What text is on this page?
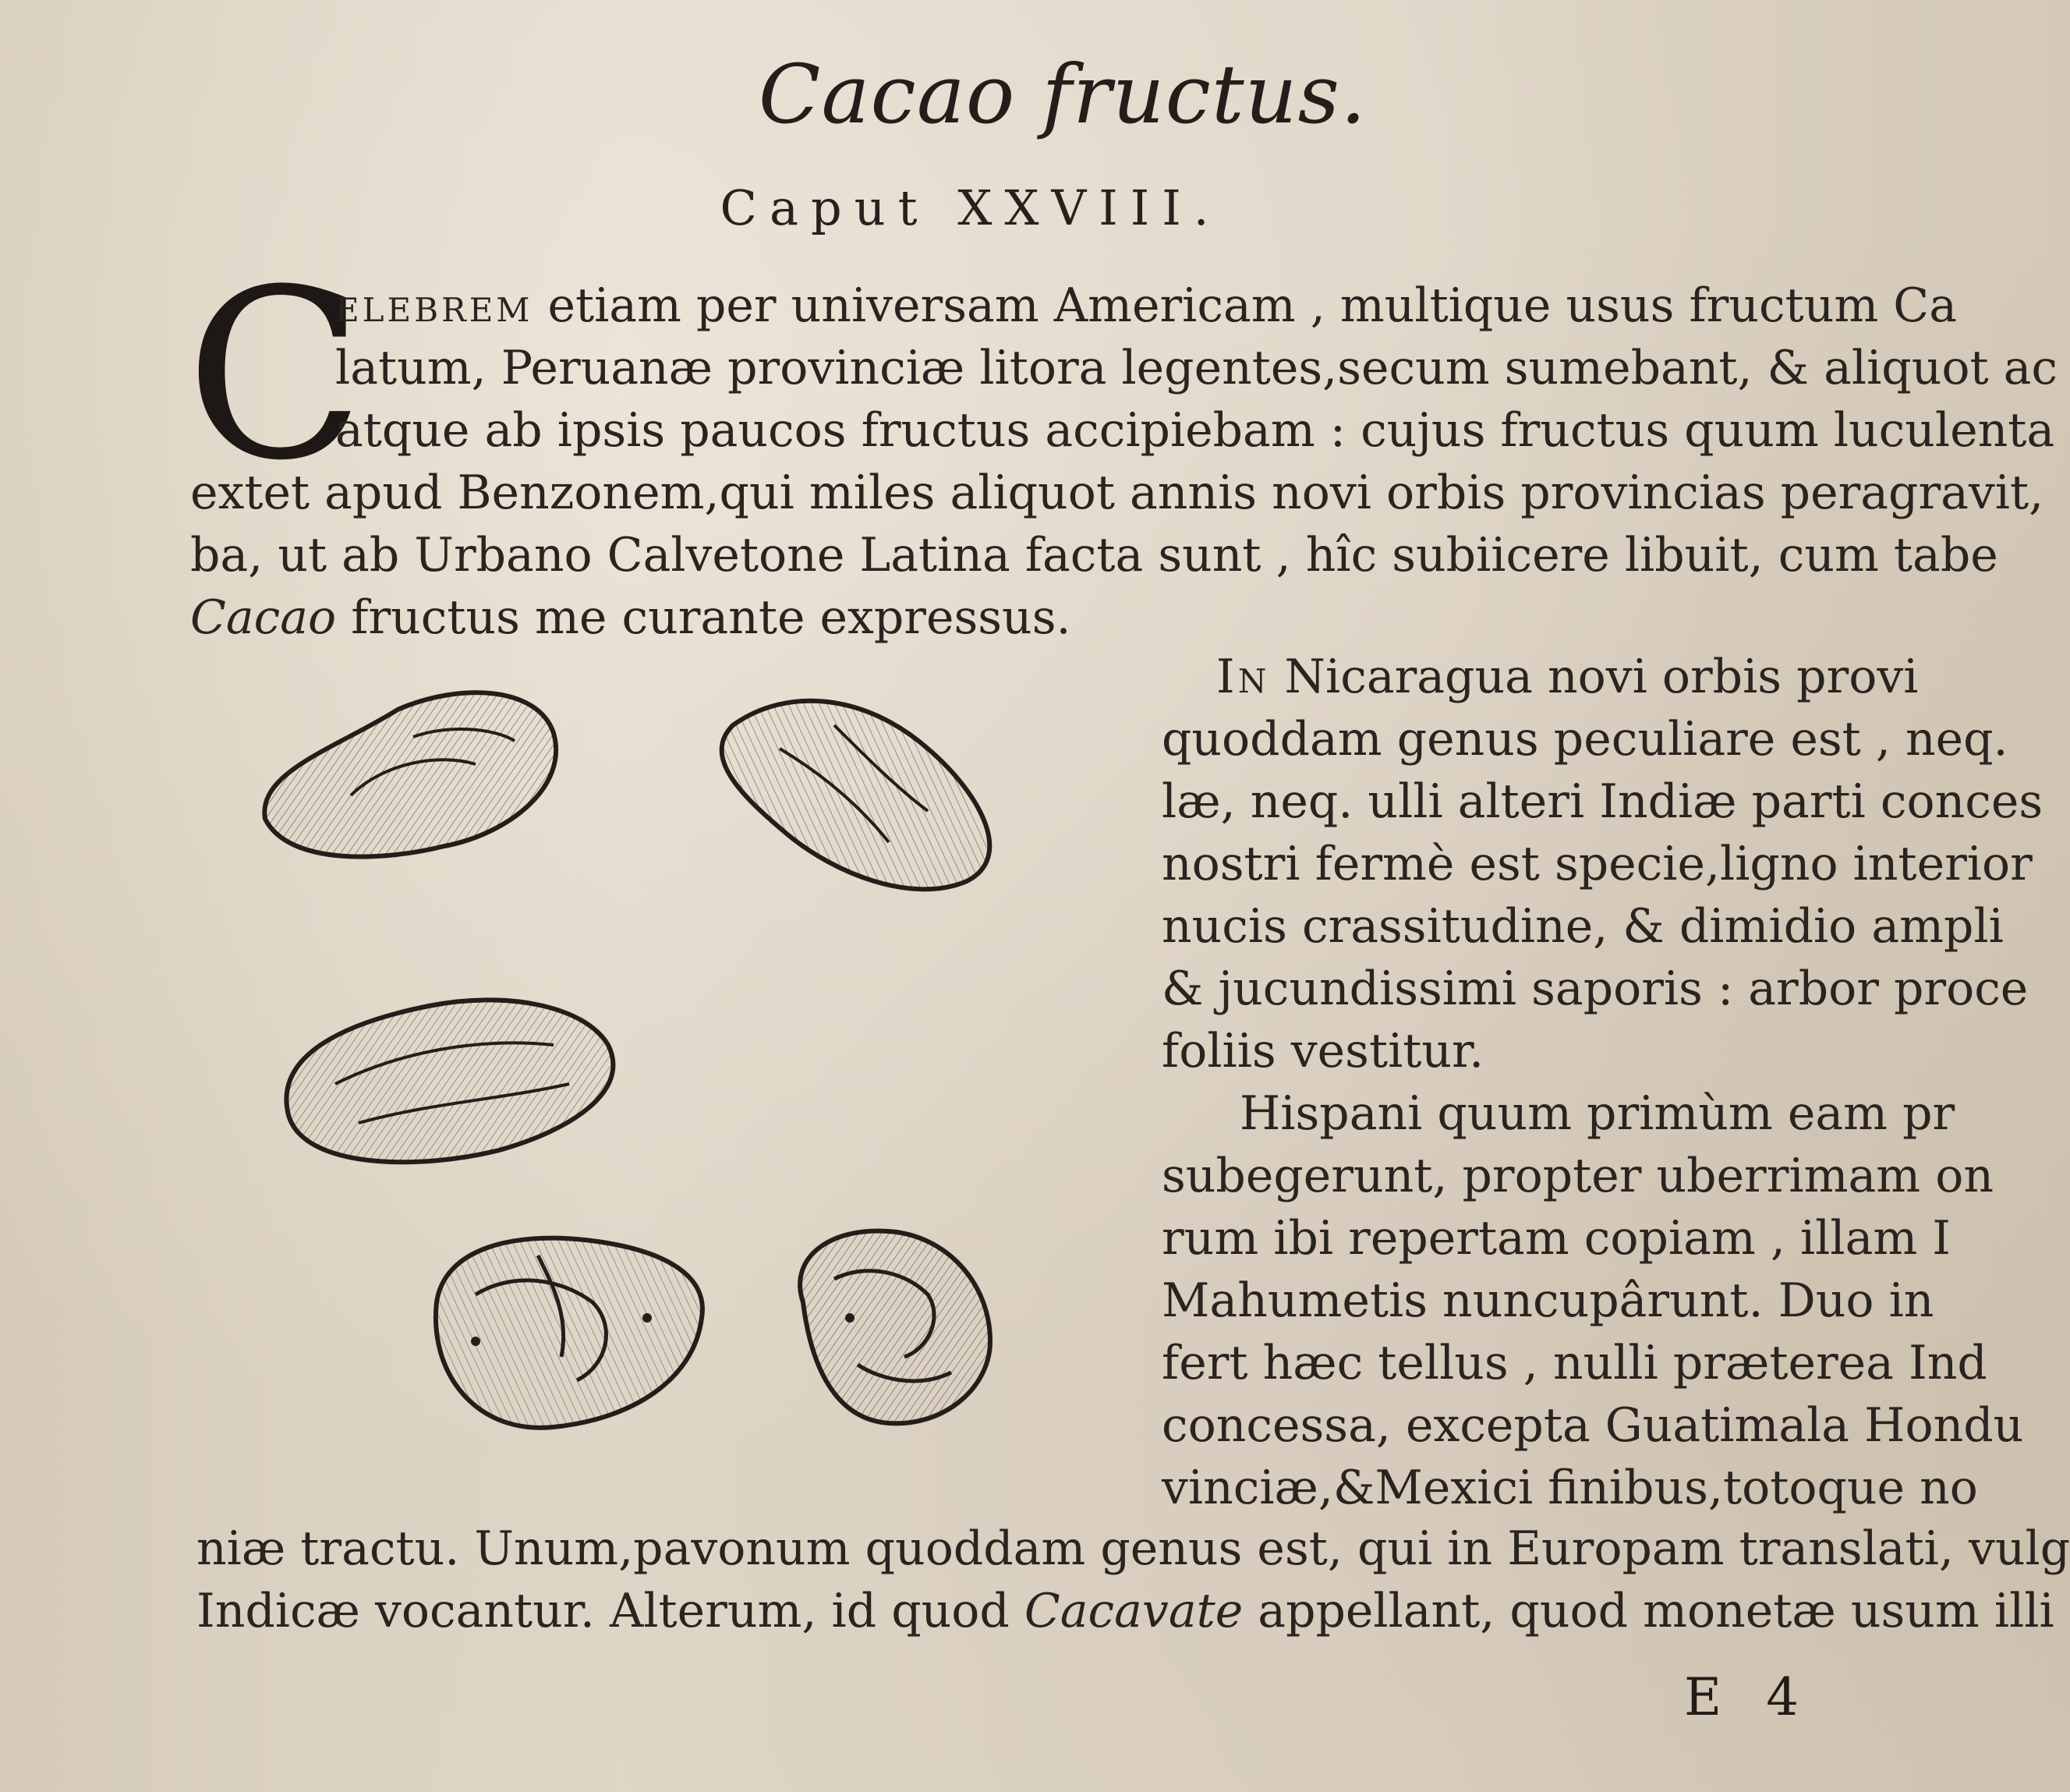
Cacao fructus.
Caput XXVIII.
C
elebrem etiam per universam Americam , multique usus fructum Ca
latum, Peruanæ provinciæ litora legentes,secum sumebant, & aliquot ac
atque ab ipsis paucos fructus accipiebam : cujus fructus quum luculenta
extet apud Benzonem,qui miles aliquot annis novi orbis provincias peragravit,
ba, ut ab Urbano Calvetone Latina facta sunt , hîc subiicere libuit, cum tabe
Cacao fructus me curante expressus.
In Nicaragua novi orbis provi
quoddam genus peculiare est , neq.
læ, neq. ulli alteri Indiæ parti conces
nostri fermè est specie,ligno interior
nucis crassitudine, & dimidio ampli
& jucundissimi saporis : arbor proce
foliis vestitur.
Hispani quum primùm eam pr
subegerunt, propter uberrimam on
rum ibi repertam copiam , illam I
Mahumetis nuncupârunt. Duo in
fert hæc tellus , nulli præterea Ind
concessa, excepta Guatimala Hondu
vinciæ,&Mexici finibus,totoque no
niæ tractu. Unum,pavonum quoddam genus est, qui in Europam translati, vulg
Indicæ vocantur. Alterum, id quod Cacavate appellant, quod monetæ usum illi
E 4
